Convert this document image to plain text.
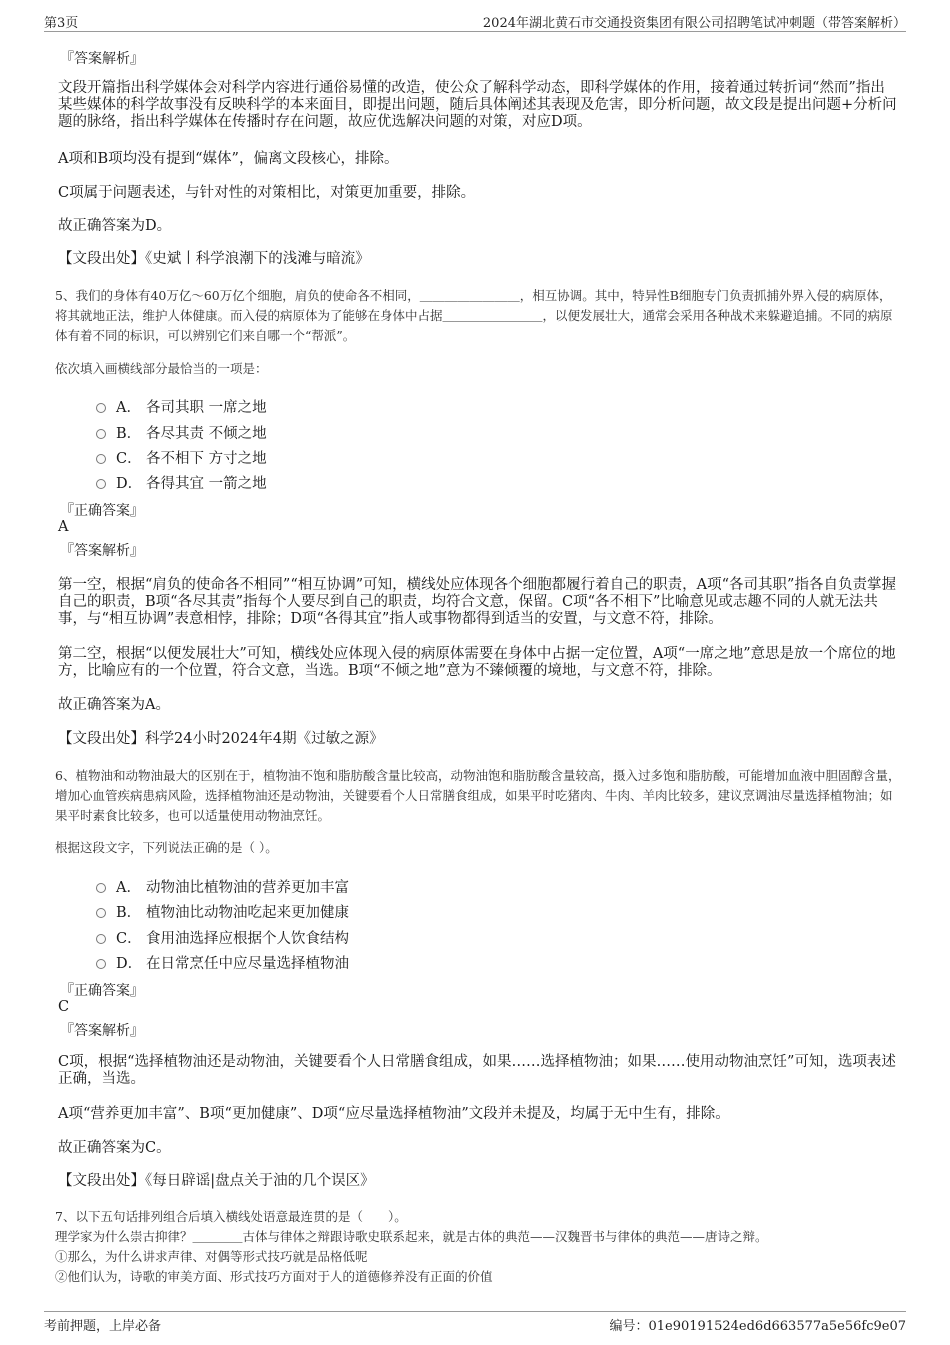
第3页	2024年湖北黄石市交通投资集团有限公司招聘笔试冲刺题（带答案解析）
『答案解析』
文段开篇指出科学媒体会对科学内容进行通俗易懂的改造，使公众了解科学动态，即科学媒体的作用，接着通过转折词“然而”指出某些媒体的科学故事没有反映科学的本来面目，即提出问题，随后具体阐述其表现及危害，即分析问题，故文段是提出问题+分析问题的脉络，指出科学媒体在传播时存在问题，故应优选解决问题的对策，对应D项。
A项和B项均没有提到“媒体”，偏离文段核心，排除。
C项属于问题表述，与针对性的对策相比，对策更加重要，排除。
故正确答案为D。
【文段出处】《史斌丨科学浪潮下的浅滩与暗流》
5、我们的身体有40万亿～60万亿个细胞，肩负的使命各不相同，＿＿＿＿＿＿＿＿，相互协调。其中，特异性B细胞专门负责抓捕外界入侵的病原体，将其就地正法，维护人体健康。而入侵的病原体为了能够在身体中占据＿＿＿＿＿＿＿＿，以便发展壮大，通常会采用各种战术来躲避追捕。不同的病原体有着不同的标识，可以辨别它们来自哪一个“帮派”。
依次填入画横线部分最恰当的一项是：
A． 各司其职 一席之地
B． 各尽其责 不倾之地
C． 各不相下 方寸之地
D． 各得其宜 一箭之地
『正确答案』
A
『答案解析』
第一空，根据“肩负的使命各不相同”“相互协调”可知，横线处应体现各个细胞都履行着自己的职责，A项“各司其职”指各自负责掌握自己的职责，B项“各尽其责”指每个人要尽到自己的职责，均符合文意，保留。C项“各不相下”比喻意见或志趣不同的人就无法共事，与“相互协调”表意相悖，排除；D项“各得其宜”指人或事物都得到适当的安置，与文意不符，排除。
第二空，根据“以便发展壮大”可知，横线处应体现入侵的病原体需要在身体中占据一定位置，A项“一席之地”意思是放一个席位的地方，比喻应有的一个位置，符合文意，当选。B项“不倾之地”意为不臻倾覆的境地，与文意不符，排除。
故正确答案为A。
【文段出处】科学24小时2024年4期《过敏之源》
6、植物油和动物油最大的区别在于，植物油不饱和脂肪酸含量比较高，动物油饱和脂肪酸含量较高，摄入过多饱和脂肪酸，可能增加血液中胆固醇含量，增加心血管疾病患病风险，选择植物油还是动物油，关键要看个人日常膳食组成，如果平时吃猪肉、牛肉、羊肉比较多，建议烹调油尽量选择植物油；如果平时素食比较多，也可以适量使用动物油烹饪。
根据这段文字，下列说法正确的是（ ）。
A． 动物油比植物油的营养更加丰富
B． 植物油比动物油吃起来更加健康
C． 食用油选择应根据个人饮食结构
D． 在日常烹任中应尽量选择植物油
『正确答案』
C
『答案解析』
C项，根据“选择植物油还是动物油，关键要看个人日常膳食组成，如果……选择植物油；如果……使用动物油烹饪”可知，选项表述正确，当选。
A项“营养更加丰富”、B项“更加健康”、D项“应尽量选择植物油”文段并未提及，均属于无中生有，排除。
故正确答案为C。
【文段出处】《每日辟谣|盘点关于油的几个误区》
7、以下五句话排列组合后填入横线处语意最连贯的是（　　）。
理学家为什么崇古抑律？＿＿＿＿古体与律体之辩跟诗歌史联系起来，就是古体的典范——汉魏晋书与律体的典范——唐诗之辩。
①那么，为什么讲求声律、对偶等形式技巧就是品格低呢
②他们认为，诗歌的审美方面、形式技巧方面对于人的道德修养没有正面的价值
考前押题，上岸必备	编号：01e90191524ed6d663577a5e56fc9e07
